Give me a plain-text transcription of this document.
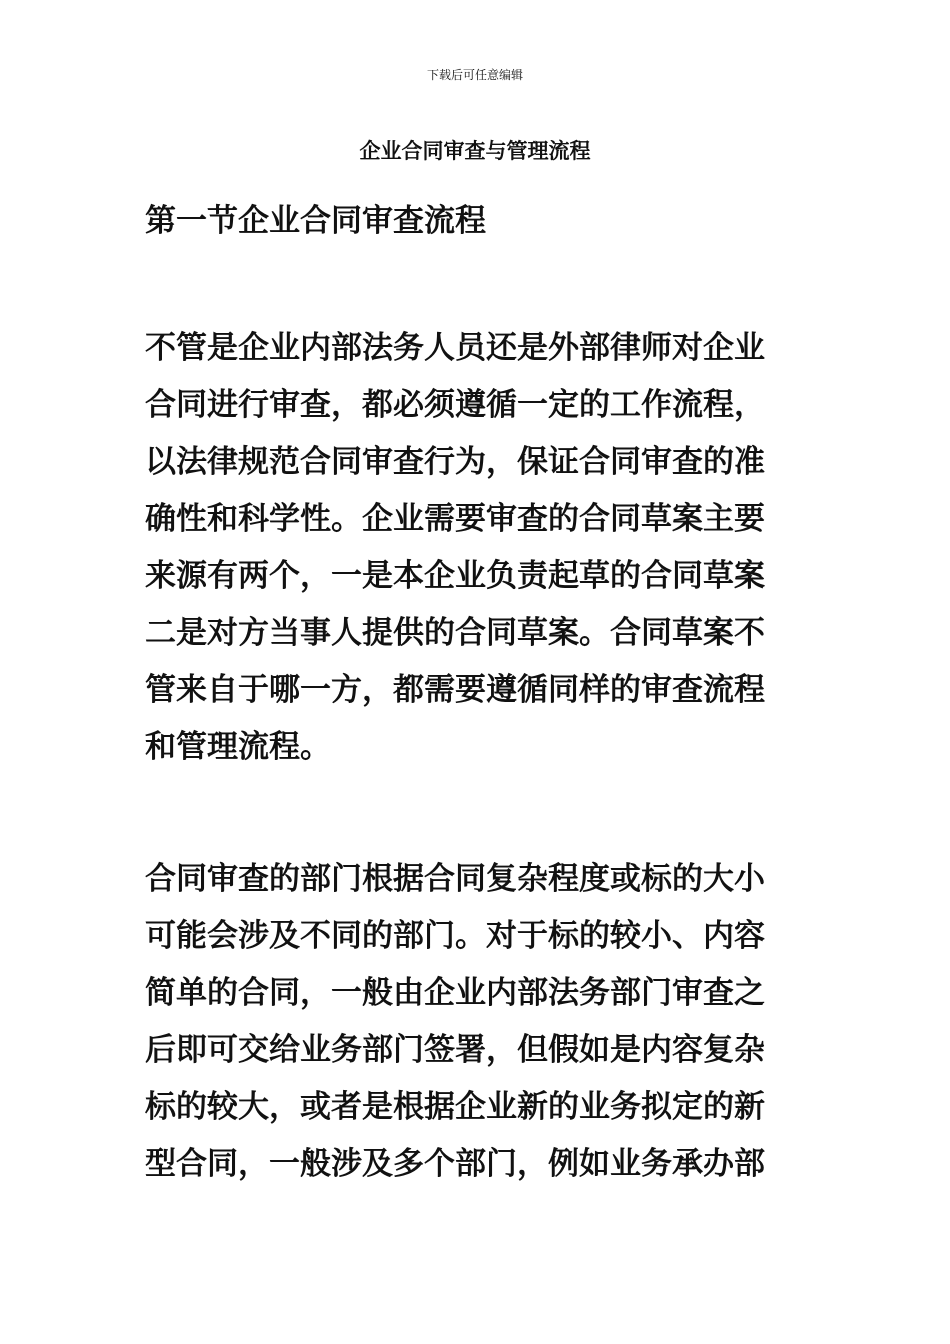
下载后可任意编辑
企业合同审查与管理流程
第一节企业合同审查流程

不管是企业内部法务人员还是外部律师对企业
合同进行审查，都必须遵循一定的工作流程，
以法律规范合同审查行为，保证合同审查的准
确性和科学性。企业需要审查的合同草案主要
来源有两个，一是本企业负责起草的合同草案
二是对方当事人提供的合同草案。合同草案不
管来自于哪一方，都需要遵循同样的审查流程
和管理流程。

合同审查的部门根据合同复杂程度或标的大小
可能会涉及不同的部门。对于标的较小、内容
简单的合同，一般由企业内部法务部门审查之
后即可交给业务部门签署，但假如是内容复杂
标的较大，或者是根据企业新的业务拟定的新
型合同，一般涉及多个部门，例如业务承办部
